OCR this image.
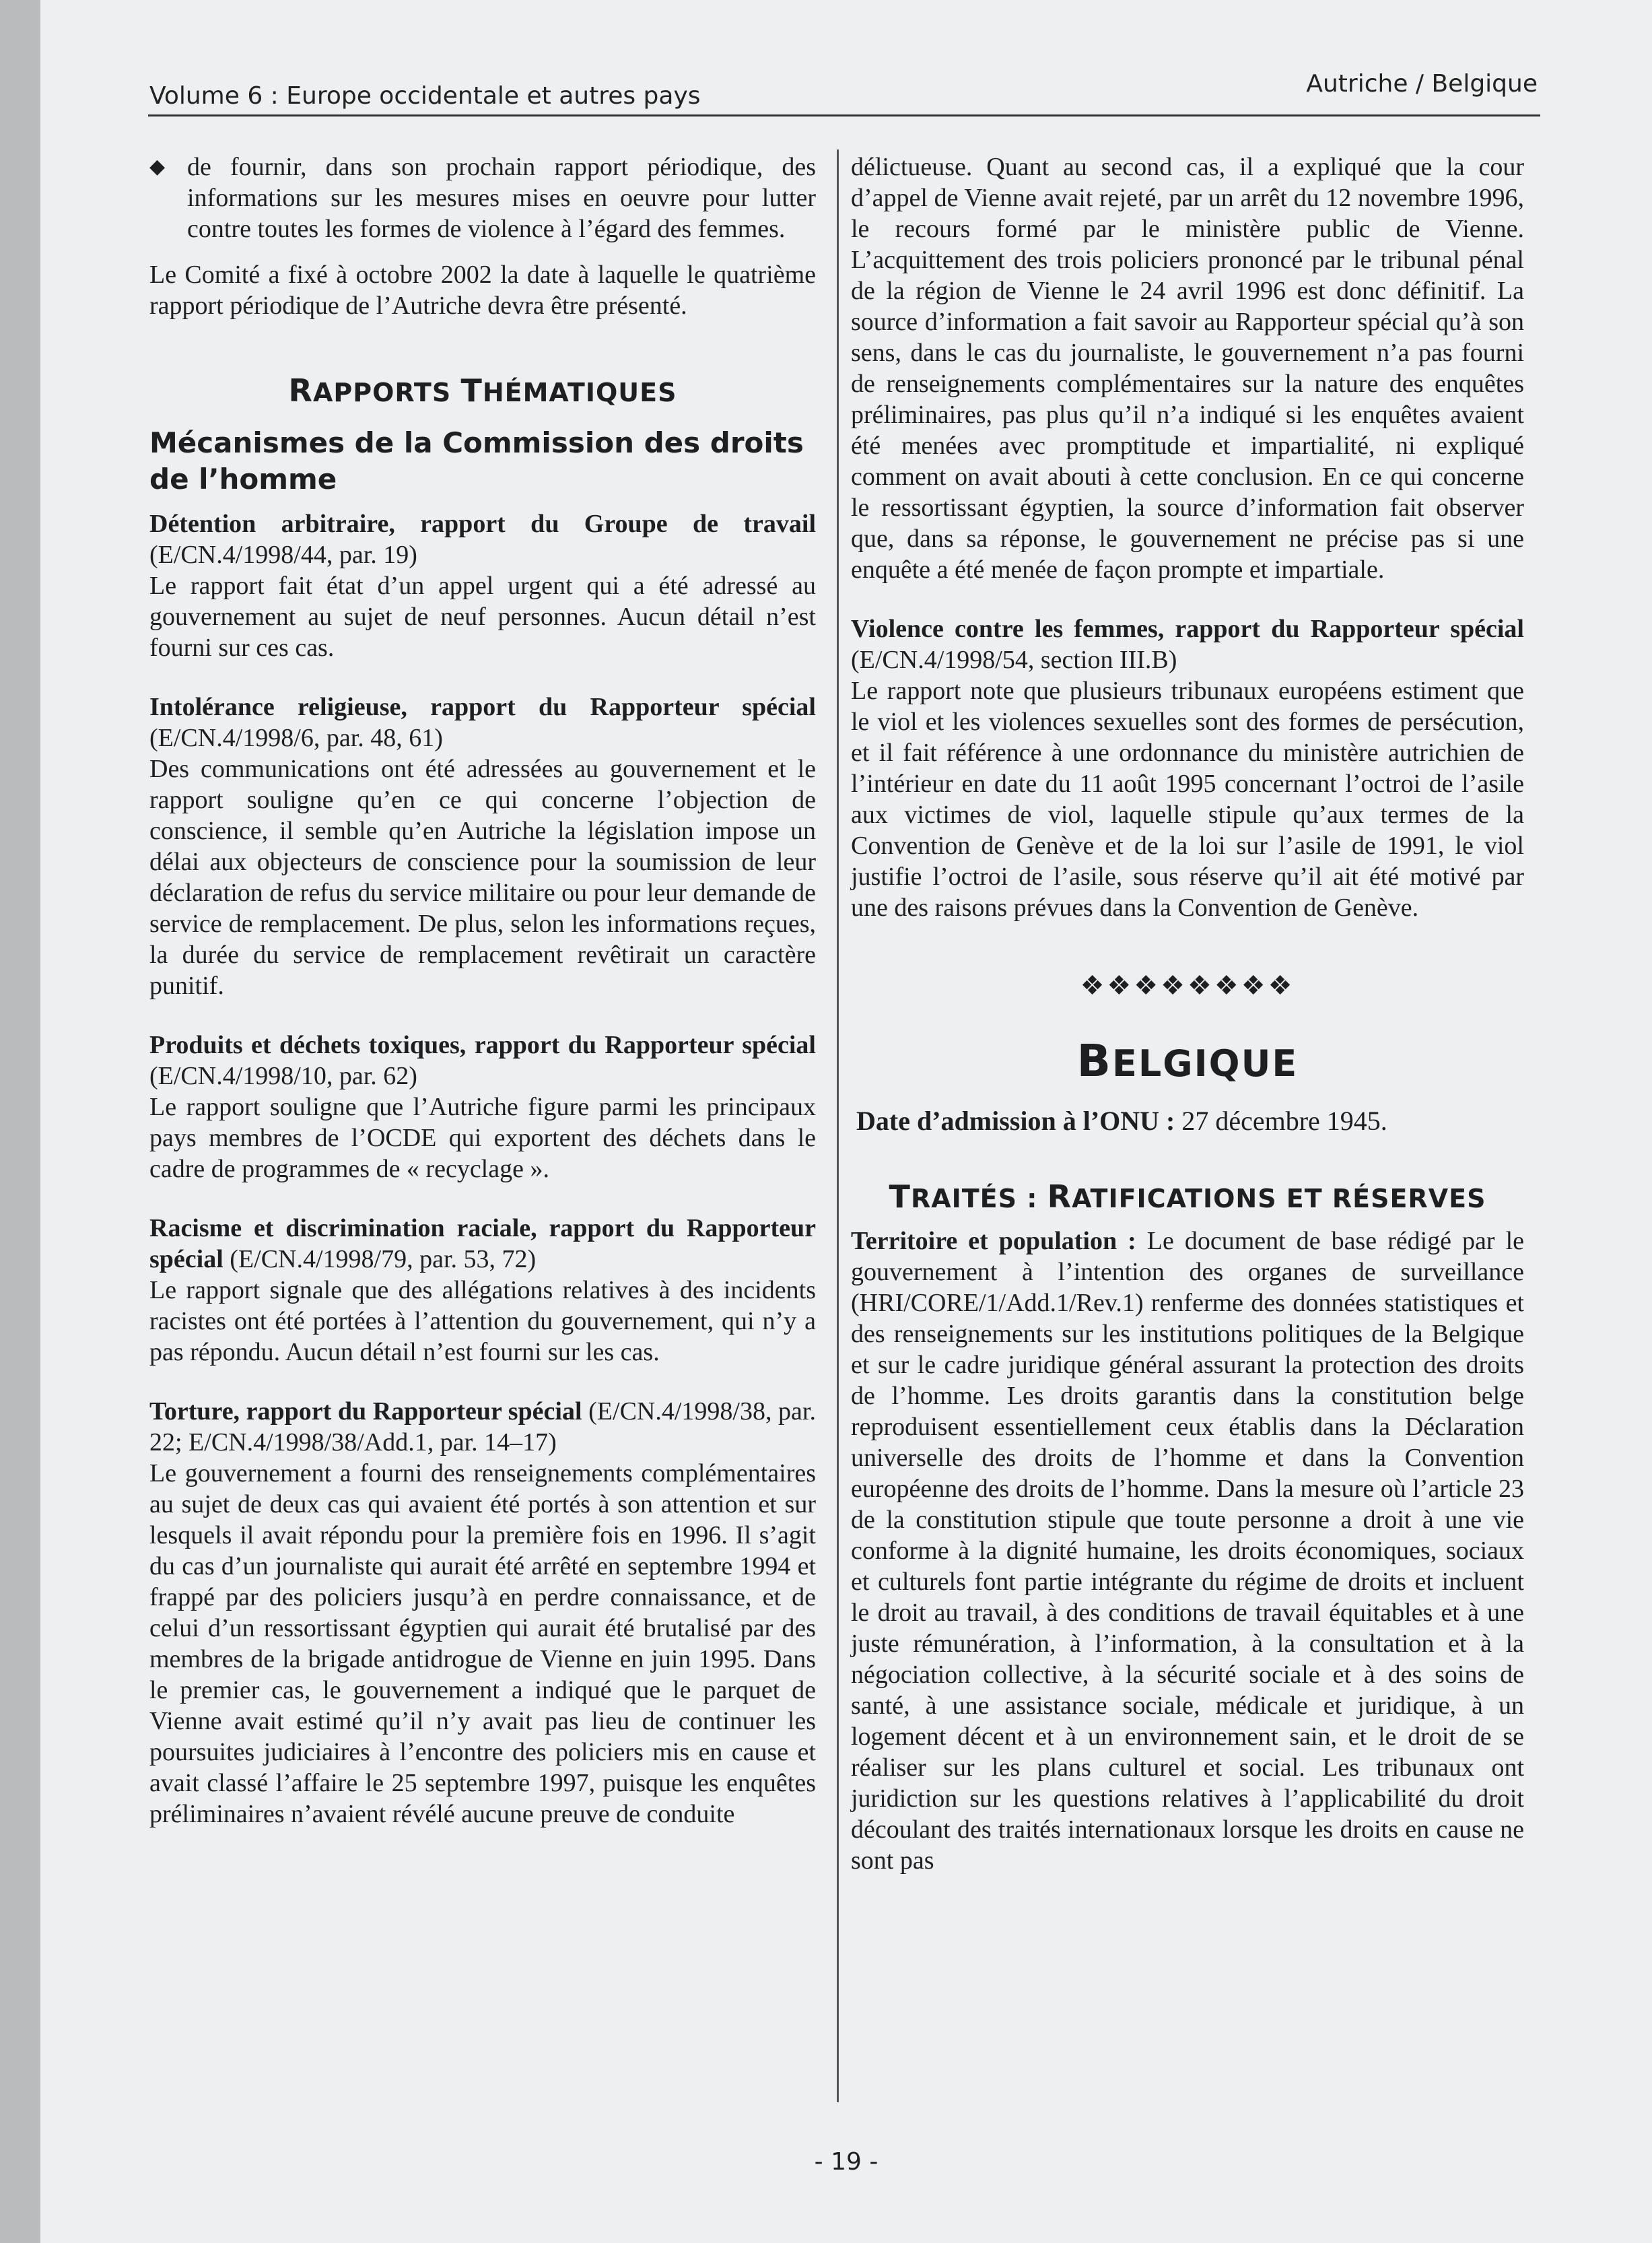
Volume 6 : Europe occidentale et autres pays	Autriche / Belgique

◆ de fournir, dans son prochain rapport périodique, des informations sur les mesures mises en oeuvre pour lutter contre toutes les formes de violence à l’égard des femmes.

Le Comité a fixé à octobre 2002 la date à laquelle le quatrième rapport périodique de l’Autriche devra être présenté.

RAPPORTS THÉMATIQUES
Mécanismes de la Commission des droits de l’homme

Détention arbitraire, rapport du Groupe de travail (E/CN.4/1998/44, par. 19)

Le rapport fait état d’un appel urgent qui a été adressé au gouvernement au sujet de neuf personnes. Aucun détail n’est fourni sur ces cas.

Intolérance religieuse, rapport du Rapporteur spécial (E/CN.4/1998/6, par. 48, 61)

Des communications ont été adressées au gouvernement et le rapport souligne qu’en ce qui concerne l’objection de conscience, il semble qu’en Autriche la législation impose un délai aux objecteurs de conscience pour la soumission de leur déclaration de refus du service militaire ou pour leur demande de service de remplacement. De plus, selon les informations reçues, la durée du service de remplacement revêtirait un caractère punitif.

Produits et déchets toxiques, rapport du Rapporteur spécial (E/CN.4/1998/10, par. 62)

Le rapport souligne que l’Autriche figure parmi les principaux pays membres de l’OCDE qui exportent des déchets dans le cadre de programmes de « recyclage ».

Racisme et discrimination raciale, rapport du Rapporteur spécial (E/CN.4/1998/79, par. 53, 72)

Le rapport signale que des allégations relatives à des incidents racistes ont été portées à l’attention du gouvernement, qui n’y a pas répondu. Aucun détail n’est fourni sur les cas.

Torture, rapport du Rapporteur spécial (E/CN.4/1998/38, par. 22; E/CN.4/1998/38/Add.1, par. 14–17)

Le gouvernement a fourni des renseignements complémentaires au sujet de deux cas qui avaient été portés à son attention et sur lesquels il avait répondu pour la première fois en 1996. Il s’agit du cas d’un journaliste qui aurait été arrêté en septembre 1994 et frappé par des policiers jusqu’à en perdre connaissance, et de celui d’un ressortissant égyptien qui aurait été brutalisé par des membres de la brigade antidrogue de Vienne en juin 1995. Dans le premier cas, le gouvernement a indiqué que le parquet de Vienne avait estimé qu’il n’y avait pas lieu de continuer les poursuites judiciaires à l’encontre des policiers mis en cause et avait classé l’affaire le 25 septembre 1997, puisque les enquêtes préliminaires n’avaient révélé aucune preuve de conduite

délictueuse. Quant au second cas, il a expliqué que la cour d’appel de Vienne avait rejeté, par un arrêt du 12 novembre 1996, le recours formé par le ministère public de Vienne. L’acquittement des trois policiers prononcé par le tribunal pénal de la région de Vienne le 24 avril 1996 est donc définitif. La source d’information a fait savoir au Rapporteur spécial qu’à son sens, dans le cas du journaliste, le gouvernement n’a pas fourni de renseignements complémentaires sur la nature des enquêtes préliminaires, pas plus qu’il n’a indiqué si les enquêtes avaient été menées avec promptitude et impartialité, ni expliqué comment on avait abouti à cette conclusion. En ce qui concerne le ressortissant égyptien, la source d’information fait observer que, dans sa réponse, le gouvernement ne précise pas si une enquête a été menée de façon prompte et impartiale.

Violence contre les femmes, rapport du Rapporteur spécial (E/CN.4/1998/54, section III.B)

Le rapport note que plusieurs tribunaux européens estiment que le viol et les violences sexuelles sont des formes de persécution, et il fait référence à une ordonnance du ministère autrichien de l’intérieur en date du 11 août 1995 concernant l’octroi de l’asile aux victimes de viol, laquelle stipule qu’aux termes de la Convention de Genève et de la loi sur l’asile de 1991, le viol justifie l’octroi de l’asile, sous réserve qu’il ait été motivé par une des raisons prévues dans la Convention de Genève.

❖❖❖❖❖❖❖❖

BELGIQUE

Date d’admission à l’ONU : 27 décembre 1945.

TRAITÉS : RATIFICATIONS ET RÉSERVES

Territoire et population : Le document de base rédigé par le gouvernement à l’intention des organes de surveillance (HRI/CORE/1/Add.1/Rev.1) renferme des données statistiques et des renseignements sur les institutions politiques de la Belgique et sur le cadre juridique général assurant la protection des droits de l’homme. Les droits garantis dans la constitution belge reproduisent essentiellement ceux établis dans la Déclaration universelle des droits de l’homme et dans la Convention européenne des droits de l’homme. Dans la mesure où l’article 23 de la constitution stipule que toute personne a droit à une vie conforme à la dignité humaine, les droits économiques, sociaux et culturels font partie intégrante du régime de droits et incluent le droit au travail, à des conditions de travail équitables et à une juste rémunération, à l’information, à la consultation et à la négociation collective, à la sécurité sociale et à des soins de santé, à une assistance sociale, médicale et juridique, à un logement décent et à un environnement sain, et le droit de se réaliser sur les plans culturel et social. Les tribunaux ont juridiction sur les questions relatives à l’applicabilité du droit découlant des traités internationaux lorsque les droits en cause ne sont pas

- 19 -
